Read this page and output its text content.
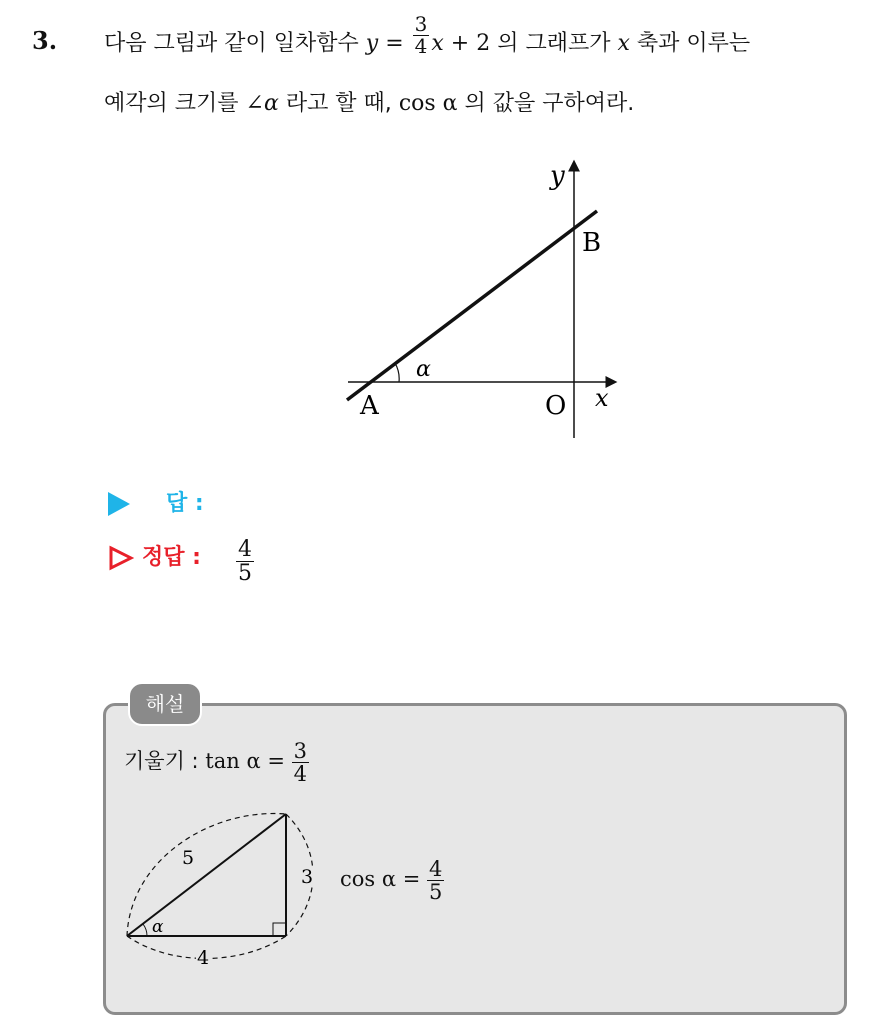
3. 다음 그림과 같이 일차함수 $y = \frac{3}{4}$ x + 2 의 그래프가 x 축과 이루는
예각의 크기를 ∠α 라고 할 때, cos α 의 값을 구하여라.
y
B
α
A	O x
답 :
정답 : $\frac{4}{5}$
해설
기울기 : $\tan \alpha = \frac{3}{4}$
5
3
4
α
$\cos \alpha = \frac{4}{5}$
